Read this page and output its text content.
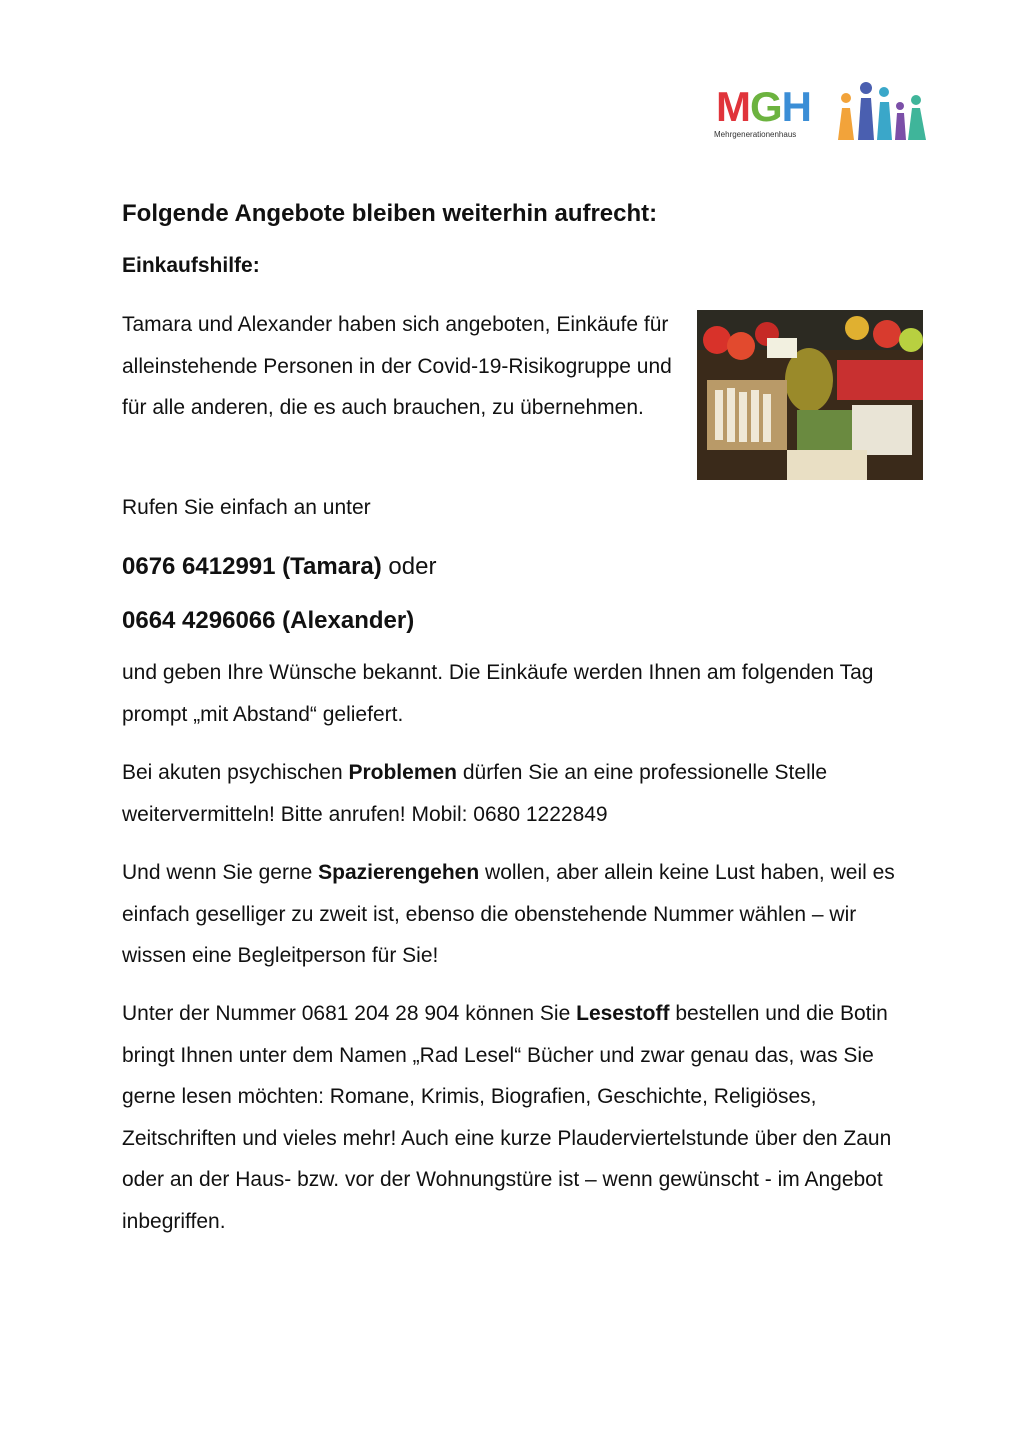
MGH
Mehrgenerationenhaus
Folgende Angebote bleiben weiterhin aufrecht:
Einkaufshilfe:
Tamara und Alexander haben sich angeboten, Einkäufe für alleinstehende Personen in der Covid-19-Risikogruppe und für alle anderen, die es auch brauchen, zu übernehmen.
Rufen Sie einfach an unter
0676 6412991 (Tamara) oder
0664 4296066 (Alexander)
und geben Ihre Wünsche bekannt. Die Einkäufe werden Ihnen am folgenden Tag prompt „mit Abstand“ geliefert.
Bei akuten psychischen Problemen dürfen Sie an eine professionelle Stelle weitervermitteln! Bitte anrufen! Mobil: 0680 1222849
Und wenn Sie gerne Spazierengehen wollen, aber allein keine Lust haben, weil es einfach geselliger zu zweit ist, ebenso die obenstehende Nummer wählen – wir wissen eine Begleitperson für Sie!
Unter der Nummer 0681 204 28 904 können Sie Lesestoff bestellen und die Botin bringt Ihnen unter dem Namen „Rad Lesel“ Bücher und zwar genau das, was Sie gerne lesen möchten: Romane, Krimis, Biografien, Geschichte, Religiöses, Zeitschriften und vieles mehr! Auch eine kurze Plauderviertelstunde über den Zaun oder an der Haus- bzw. vor der Wohnungstüre ist – wenn gewünscht - im Angebot inbegriffen.
